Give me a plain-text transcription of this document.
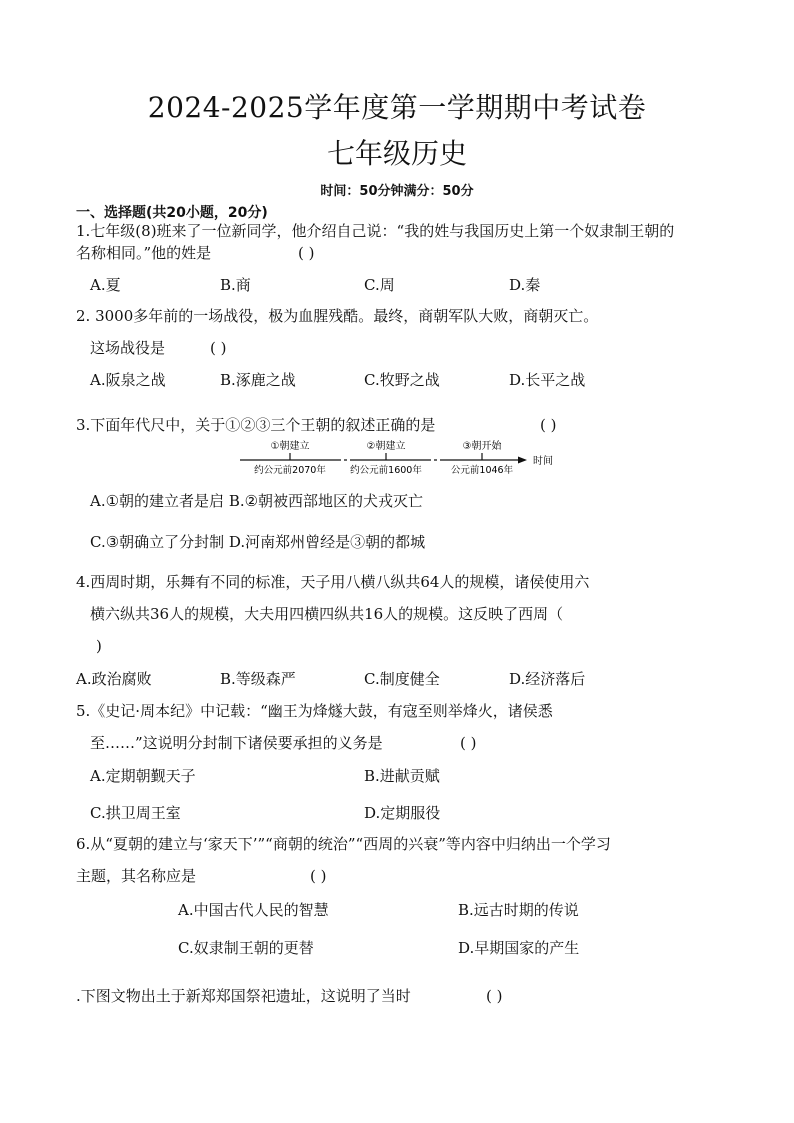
2024-2025学年度第一学期期中考试卷
七年级历史
时间：50分钟满分：50分
一、选择题(共20小题，20分)
1.七年级(8)班来了一位新同学，他介绍自己说：“我的姓与我国历史上第一个奴隶制王朝的
名称相同。”他的姓是	( )
A.夏	B.商	C.周	D.秦
2. 3000多年前的一场战役，极为血腥残酷。最终，商朝军队大败，商朝灭亡。
这场战役是	( )
A.阪泉之战	B.涿鹿之战	C.牧野之战	D.长平之战
3.下面年代尺中，关于①②③三个王朝的叙述正确的是	( )
①朝建立	②朝建立	③朝开始
约公元前2070年	约公元前1600年	公元前1046年
时间
A.①朝的建立者是启 B.②朝被西部地区的犬戎灭亡
C.③朝确立了分封制 D.河南郑州曾经是③朝的都城
4.西周时期，乐舞有不同的标准，天子用八横八纵共64人的规模，诸侯使用六
横六纵共36人的规模，大夫用四横四纵共16人的规模。这反映了西周（
)
A.政治腐败	B.等级森严	C.制度健全	D.经济落后
5.《史记·周本纪》中记载：“幽王为烽燧大鼓，有寇至则举烽火，诸侯悉
至……”这说明分封制下诸侯要承担的义务是	( )
A.定期朝觐天子	B.进献贡赋
C.拱卫周王室	D.定期服役
6.从“夏朝的建立与‘家天下’”“商朝的统治”“西周的兴衰”等内容中归纳出一个学习
主题，其名称应是	( )
A.中国古代人民的智慧	B.远古时期的传说
C.奴隶制王朝的更替	D.早期国家的产生
.下图文物出土于新郑郑国祭祀遗址，这说明了当时	( )
